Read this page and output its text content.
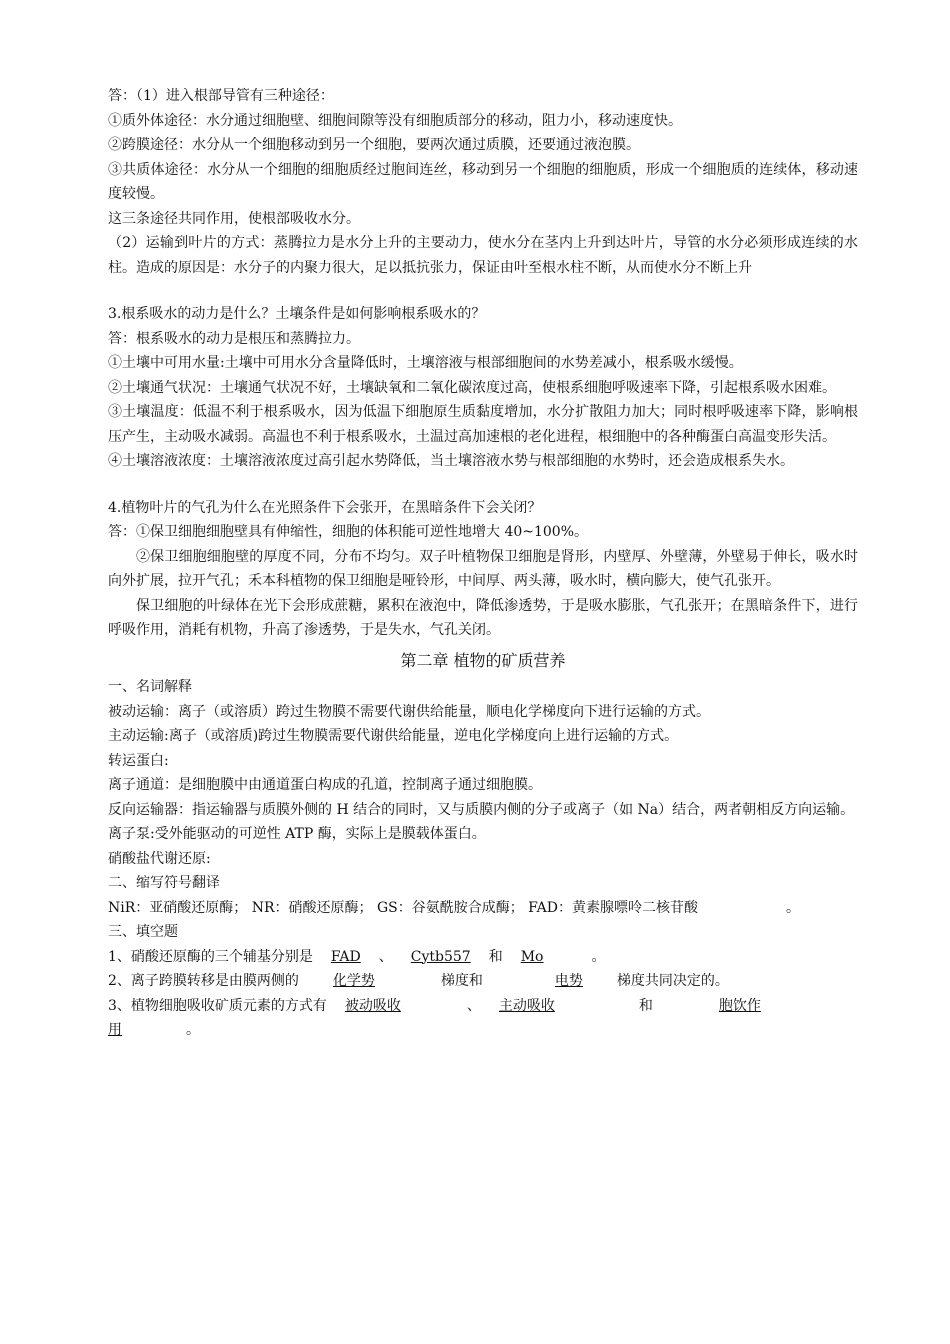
答：（1）进入根部导管有三种途径：

①质外体途径：水分通过细胞壁、细胞间隙等没有细胞质部分的移动，阻力小，移动速度快。

②跨膜途径：水分从一个细胞移动到另一个细胞，要两次通过质膜，还要通过液泡膜。

③共质体途径：水分从一个细胞的细胞质经过胞间连丝，移动到另一个细胞的细胞质，形成一个细胞质的连续体，移动速度较慢。

这三条途径共同作用，使根部吸收水分。

（2）运输到叶片的方式：蒸腾拉力是水分上升的主要动力，使水分在茎内上升到达叶片，导管的水分必须形成连续的水柱。造成的原因是：水分子的内聚力很大，足以抵抗张力，保证由叶至根水柱不断，从而使水分不断上升

3.根系吸水的动力是什么？土壤条件是如何影响根系吸水的？

答：根系吸水的动力是根压和蒸腾拉力。

①土壤中可用水量:土壤中可用水分含量降低时，土壤溶液与根部细胞间的水势差减小，根系吸水缓慢。

②土壤通气状况：土壤通气状况不好，土壤缺氧和二氧化碳浓度过高，使根系细胞呼吸速率下降，引起根系吸水困难。

③土壤温度：低温不利于根系吸水，因为低温下细胞原生质黏度增加，水分扩散阻力加大；同时根呼吸速率下降，影响根压产生，主动吸水减弱。高温也不利于根系吸水，土温过高加速根的老化进程，根细胞中的各种酶蛋白高温变形失活。

④土壤溶液浓度：土壤溶液浓度过高引起水势降低，当土壤溶液水势与根部细胞的水势时，还会造成根系失水。

4.植物叶片的气孔为什么在光照条件下会张开，在黑暗条件下会关闭？

答：①保卫细胞细胞壁具有伸缩性，细胞的体积能可逆性地增大 40~100%。

②保卫细胞细胞壁的厚度不同，分布不均匀。双子叶植物保卫细胞是肾形，内壁厚、外壁薄，外壁易于伸长，吸水时向外扩展，拉开气孔；禾本科植物的保卫细胞是哑铃形，中间厚、两头薄，吸水时，横向膨大，使气孔张开。

保卫细胞的叶绿体在光下会形成蔗糖，累积在液泡中，降低渗透势，于是吸水膨胀，气孔张开；在黑暗条件下，进行呼吸作用，消耗有机物，升高了渗透势，于是失水，气孔关闭。

第二章 植物的矿质营养

一、名词解释

被动运输：离子（或溶质）跨过生物膜不需要代谢供给能量，顺电化学梯度向下进行运输的方式。

主动运输:离子（或溶质)跨过生物膜需要代谢供给能量，逆电化学梯度向上进行运输的方式。

转运蛋白:

离子通道：是细胞膜中由通道蛋白构成的孔道，控制离子通过细胞膜。

反向运输器：指运输器与质膜外侧的 H 结合的同时，又与质膜内侧的分子或离子（如 Na）结合，两者朝相反方向运输。

离子泵:受外能驱动的可逆性 ATP 酶，实际上是膜载体蛋白。

硝酸盐代谢还原:

二、缩写符号翻译

NiR：亚硝酸还原酶； NR：硝酸还原酶； GS：谷氨酰胺合成酶； FAD：黄素腺嘌呤二核苷酸	。

三、填空题

1、硝酸还原酶的三个辅基分别是 FAD 、 Cytb557 和 Mo	。

2、离子跨膜转移是由膜两侧的 化学势	梯度和	电势 梯度共同决定的。

3、植物细胞吸收矿质元素的方式有 被动吸收	、 主动吸收	和	胞饮作

用	。
